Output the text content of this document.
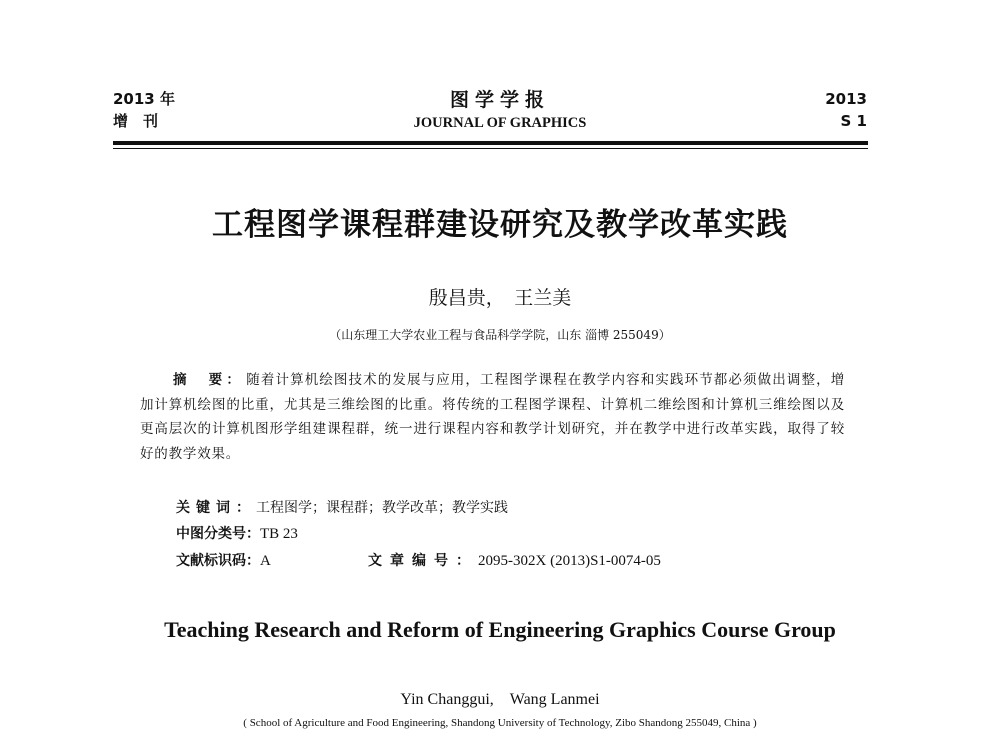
2013 年
增　刊
图学学报
JOURNAL OF GRAPHICS
2013
S 1
工程图学课程群建设研究及教学改革实践
殷昌贵，　王兰美
（山东理工大学农业工程与食品科学学院，山东 淄博 255049）
摘　要： 随着计算机绘图技术的发展与应用，工程图学课程在教学内容和实践环节都必须做出调整，增加计算机绘图的比重，尤其是三维绘图的比重。将传统的工程图学课程、计算机二维绘图和计算机三维绘图以及更高层次的计算机图形学组建课程群，统一进行课程内容和教学计划研究，并在教学中进行改革实践，取得了较好的教学效果。
关键词：工程图学；课程群；教学改革；教学实践
中图分类号：TB 23
文献标识码：A	文章编号：2095-302X (2013)S1-0074-05
Teaching Research and Reform of Engineering Graphics Course Group
Yin Changgui,　Wang Lanmei
( School of Agriculture and Food Engineering, Shandong University of Technology, Zibo Shandong 255049, China )
